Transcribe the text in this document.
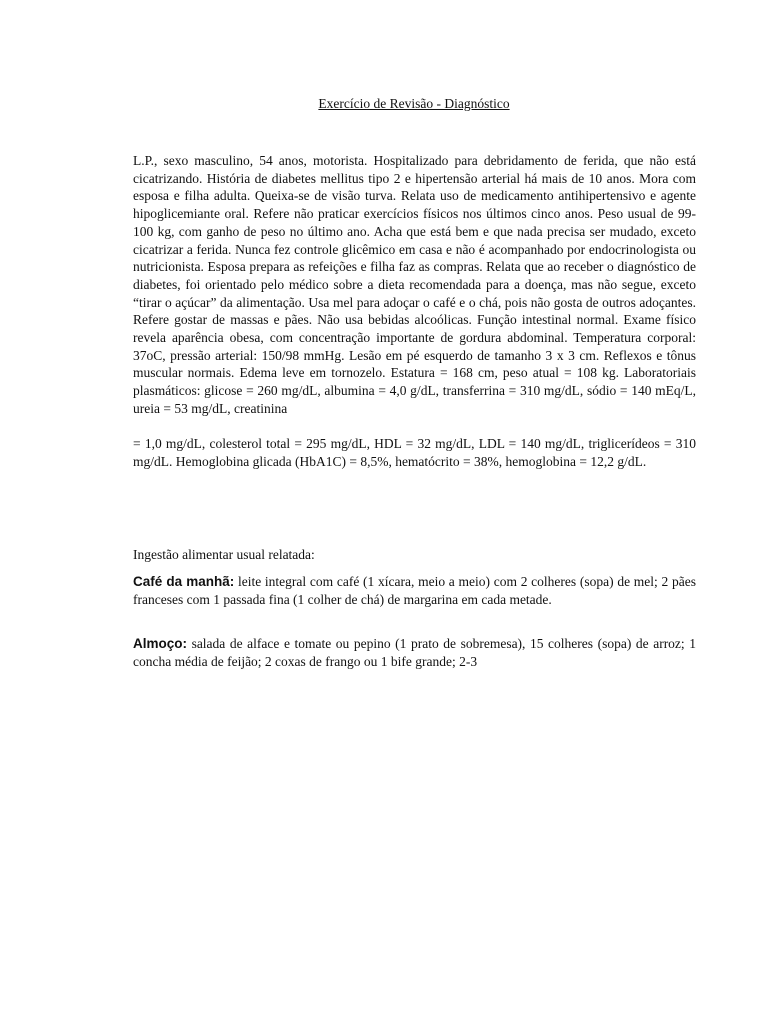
Exercício de Revisão - Diagnóstico

L.P., sexo masculino, 54 anos, motorista. Hospitalizado para debridamento de ferida, que não está cicatrizando. História de diabetes mellitus tipo 2 e hipertensão arterial há mais de 10 anos. Mora com esposa e filha adulta. Queixa-se de visão turva. Relata uso de medicamento antihipertensivo e agente hipoglicemiante oral. Refere não praticar exercícios físicos nos últimos cinco anos. Peso usual de 99- 100 kg, com ganho de peso no último ano. Acha que está bem e que nada precisa ser mudado, exceto cicatrizar a ferida. Nunca fez controle glicêmico em casa e não é acompanhado por endocrinologista ou nutricionista. Esposa prepara as refeições e filha faz as compras. Relata que ao receber o diagnóstico de diabetes, foi orientado pelo médico sobre a dieta recomendada para a doença, mas não segue, exceto “tirar o açúcar” da alimentação. Usa mel para adoçar o café e o chá, pois não gosta de outros adoçantes. Refere gostar de massas e pães. Não usa bebidas alcoólicas. Função intestinal normal. Exame físico revela aparência obesa, com concentração importante de gordura abdominal. Temperatura corporal: 37oC, pressão arterial: 150/98 mmHg. Lesão em pé esquerdo de tamanho 3 x 3 cm. Reflexos e tônus muscular normais. Edema leve em tornozelo. Estatura = 168 cm, peso atual = 108 kg. Laboratoriais plasmáticos: glicose = 260 mg/dL, albumina = 4,0 g/dL, transferrina = 310 mg/dL, sódio = 140 mEq/L, ureia = 53 mg/dL, creatinina

= 1,0 mg/dL, colesterol total = 295 mg/dL, HDL = 32 mg/dL, LDL = 140 mg/dL, triglicerídeos = 310 mg/dL. Hemoglobina glicada (HbA1C) = 8,5%, hematócrito = 38%, hemoglobina = 12,2 g/dL.

Ingestão alimentar usual relatada:

Café da manhã: leite integral com café (1 xícara, meio a meio) com 2 colheres (sopa) de mel; 2 pães franceses com 1 passada fina (1 colher de chá) de margarina em cada metade.

Almoço: salada de alface e tomate ou pepino (1 prato de sobremesa), 15 colheres (sopa) de arroz; 1 concha média de feijão; 2 coxas de frango ou 1 bife grande; 2-3
